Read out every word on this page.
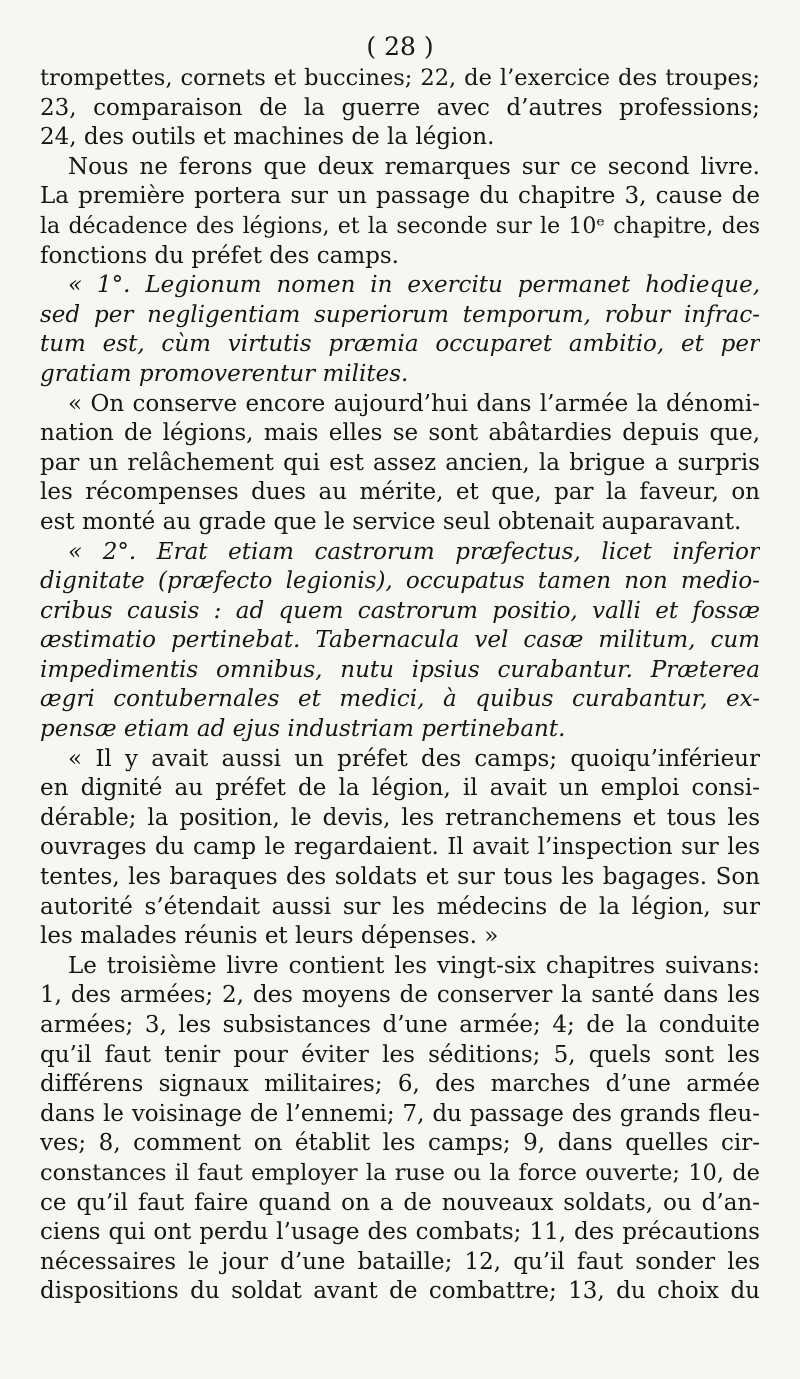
( 28 )
trompettes, cornets et buccines; 22, de l’exercice des troupes;
23, comparaison de la guerre avec d’autres professions;
24, des outils et machines de la légion.
Nous ne ferons que deux remarques sur ce second livre.
La première portera sur un passage du chapitre 3, cause de
la décadence des légions, et la seconde sur le 10ᵉ chapitre, des
fonctions du préfet des camps.
« 1°. Legionum nomen in exercitu permanet hodieque,
sed per negligentiam superiorum temporum, robur infrac-
tum est, cùm virtutis præmia occuparet ambitio, et per
gratiam promoverentur milites.
« On conserve encore aujourd’hui dans l’armée la dénomi-
nation de légions, mais elles se sont abâtardies depuis que,
par un relâchement qui est assez ancien, la brigue a surpris
les récompenses dues au mérite, et que, par la faveur, on
est monté au grade que le service seul obtenait auparavant.
« 2°. Erat etiam castrorum præfectus, licet inferior
dignitate (præfecto legionis), occupatus tamen non medio-
cribus causis : ad quem castrorum positio, valli et fossæ
æstimatio pertinebat. Tabernacula vel casæ militum, cum
impedimentis omnibus, nutu ipsius curabantur. Præterea
ægri contubernales et medici, à quibus curabantur, ex-
pensæ etiam ad ejus industriam pertinebant.
« Il y avait aussi un préfet des camps; quoiqu’inférieur
en dignité au préfet de la légion, il avait un emploi consi-
dérable; la position, le devis, les retranchemens et tous les
ouvrages du camp le regardaient. Il avait l’inspection sur les
tentes, les baraques des soldats et sur tous les bagages. Son
autorité s’étendait aussi sur les médecins de la légion, sur
les malades réunis et leurs dépenses. »
Le troisième livre contient les vingt-six chapitres suivans:
1, des armées; 2, des moyens de conserver la santé dans les
armées; 3, les subsistances d’une armée; 4; de la conduite
qu’il faut tenir pour éviter les séditions; 5, quels sont les
différens signaux militaires; 6, des marches d’une armée
dans le voisinage de l’ennemi; 7, du passage des grands fleu-
ves; 8, comment on établit les camps; 9, dans quelles cir-
constances il faut employer la ruse ou la force ouverte; 10, de
ce qu’il faut faire quand on a de nouveaux soldats, ou d’an-
ciens qui ont perdu l’usage des combats; 11, des précautions
nécessaires le jour d’une bataille; 12, qu’il faut sonder les
dispositions du soldat avant de combattre; 13, du choix du
